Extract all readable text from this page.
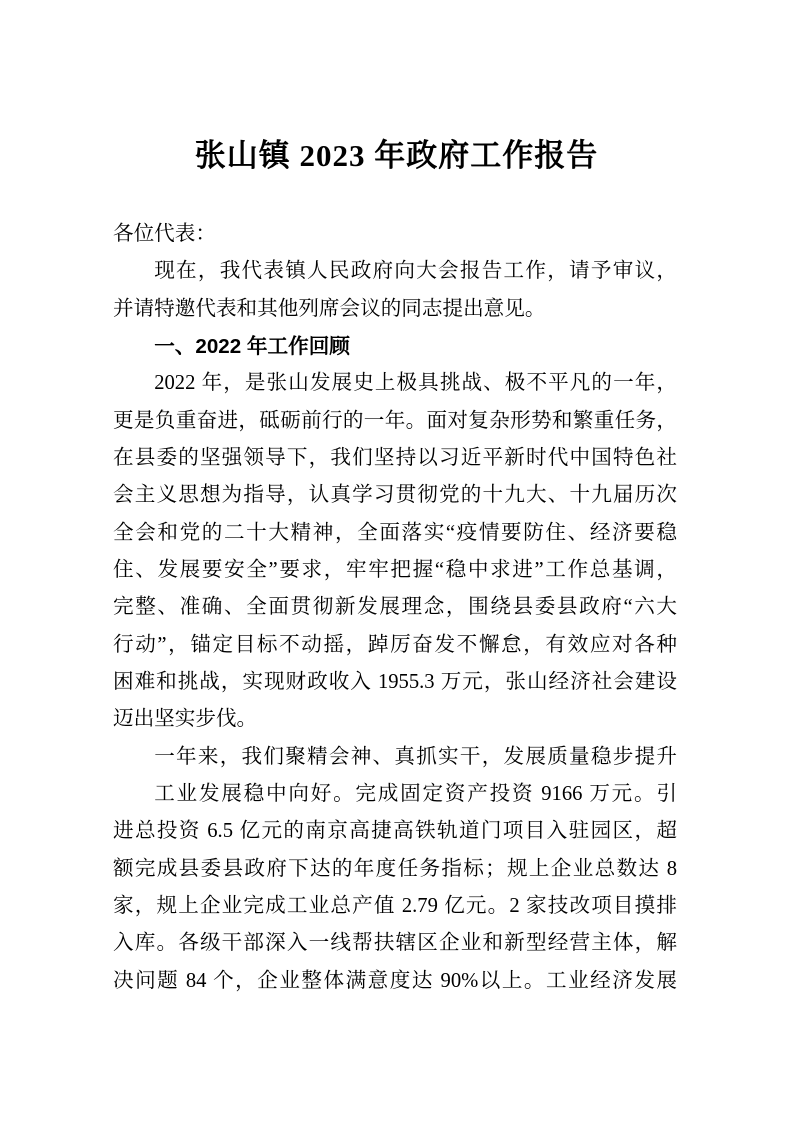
张山镇 2023 年政府工作报告
各位代表：
现在，我代表镇人民政府向大会报告工作，请予审议，
并请特邀代表和其他列席会议的同志提出意见。
一、2022 年工作回顾
2022 年，是张山发展史上极具挑战、极不平凡的一年，
更是负重奋进，砥砺前行的一年。面对复杂形势和繁重任务，
在县委的坚强领导下，我们坚持以习近平新时代中国特色社
会主义思想为指导，认真学习贯彻党的十九大、十九届历次
全会和党的二十大精神，全面落实“疫情要防住、经济要稳
住、发展要安全”要求，牢牢把握“稳中求进”工作总基调，
完整、准确、全面贯彻新发展理念，围绕县委县政府“六大
行动”，锚定目标不动摇，踔厉奋发不懈怠，有效应对各种
困难和挑战，实现财政收入 1955.3 万元，张山经济社会建设
迈出坚实步伐。
一年来，我们聚精会神、真抓实干，发展质量稳步提升
工业发展稳中向好。完成固定资产投资 9166 万元。引
进总投资 6.5 亿元的南京高捷高铁轨道门项目入驻园区，超
额完成县委县政府下达的年度任务指标；规上企业总数达 8
家，规上企业完成工业总产值 2.79 亿元。2 家技改项目摸排
入库。各级干部深入一线帮扶辖区企业和新型经营主体，解
决问题 84 个，企业整体满意度达 90%以上。工业经济发展
